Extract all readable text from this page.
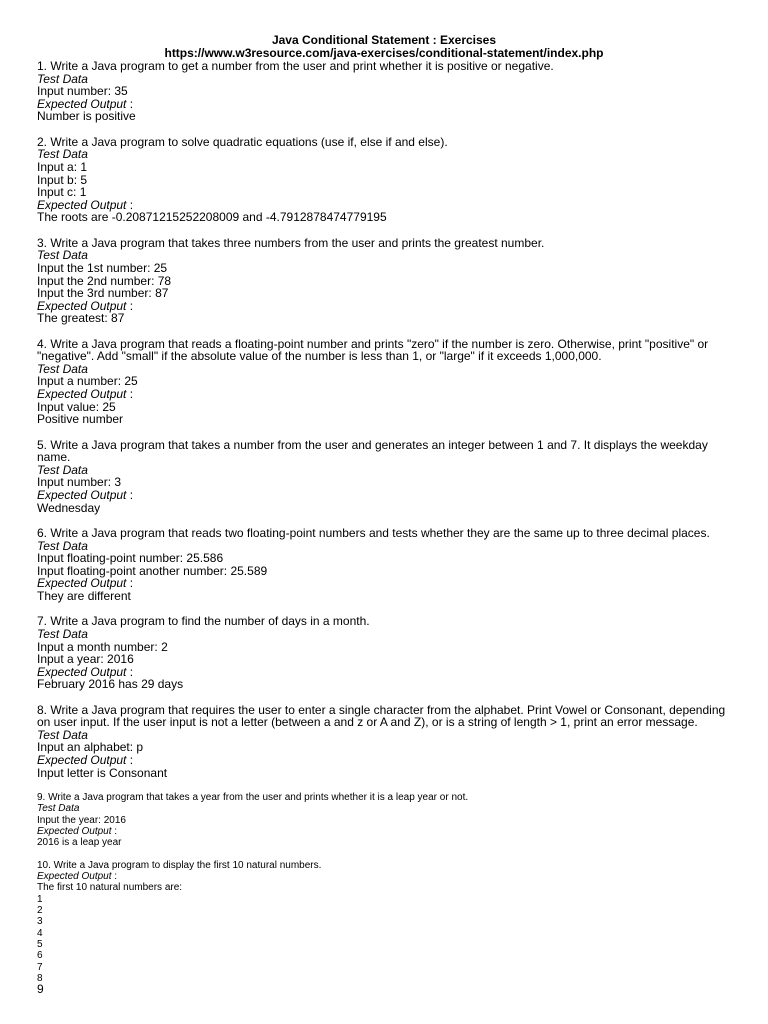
Java Conditional Statement : Exercises
https://www.w3resource.com/java-exercises/conditional-statement/index.php
1. Write a Java program to get a number from the user and print whether it is positive or negative.
Test Data
Input number: 35
Expected Output :
Number is positive
2. Write a Java program to solve quadratic equations (use if, else if and else).
Test Data
Input a: 1
Input b: 5
Input c: 1
Expected Output :
The roots are -0.20871215252208009 and -4.7912878474779195
3. Write a Java program that takes three numbers from the user and prints the greatest number.
Test Data
Input the 1st number: 25
Input the 2nd number: 78
Input the 3rd number: 87
Expected Output :
The greatest: 87
4. Write a Java program that reads a floating-point number and prints "zero" if the number is zero. Otherwise, print "positive" or "negative". Add "small" if the absolute value of the number is less than 1, or "large" if it exceeds 1,000,000.
Test Data
Input a number: 25
Expected Output :
Input value: 25
Positive number
5. Write a Java program that takes a number from the user and generates an integer between 1 and 7. It displays the weekday name.
Test Data
Input number: 3
Expected Output :
Wednesday
6. Write a Java program that reads two floating-point numbers and tests whether they are the same up to three decimal places.
Test Data
Input floating-point number: 25.586
Input floating-point another number: 25.589
Expected Output :
They are different
7. Write a Java program to find the number of days in a month.
Test Data
Input a month number: 2
Input a year: 2016
Expected Output :
February 2016 has 29 days
8. Write a Java program that requires the user to enter a single character from the alphabet. Print Vowel or Consonant, depending on user input. If the user input is not a letter (between a and z or A and Z), or is a string of length > 1, print an error message.
Test Data
Input an alphabet: p
Expected Output :
Input letter is Consonant
9. Write a Java program that takes a year from the user and prints whether it is a leap year or not.
Test Data
Input the year: 2016
Expected Output :
2016 is a leap year
10. Write a Java program to display the first 10 natural numbers.
Expected Output :
The first 10 natural numbers are:
1
2
3
4
5
6
7
8
9
